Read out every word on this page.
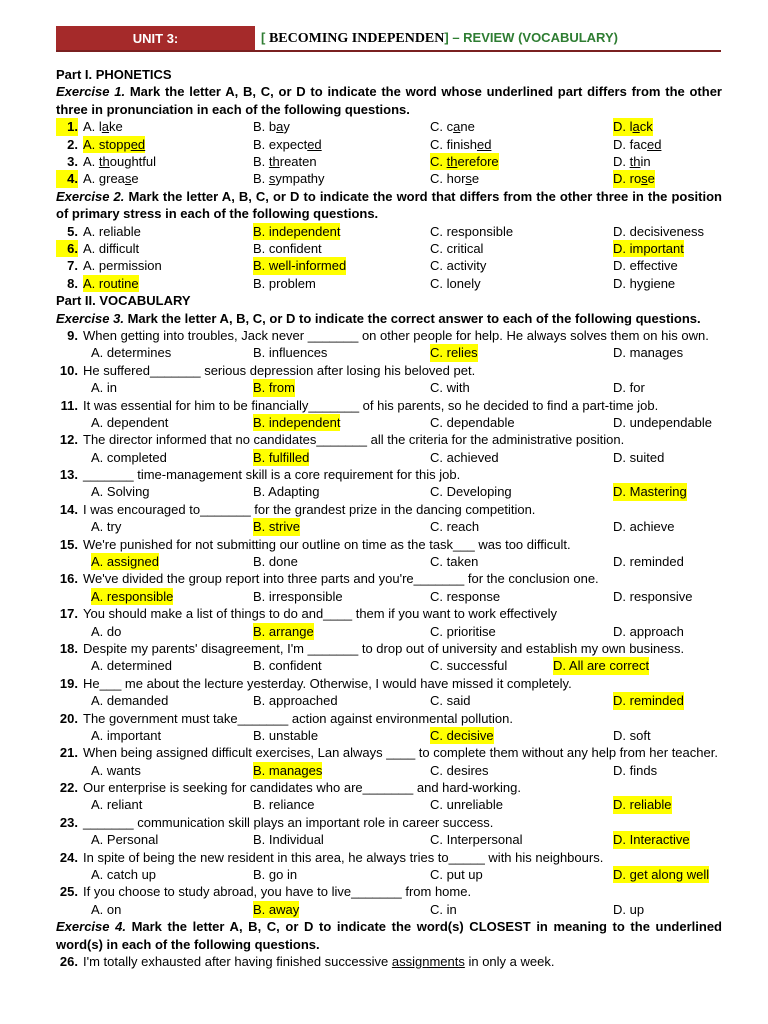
UNIT 3:	[ BECOMING INDEPENDEN] – REVIEW (VOCABULARY)
Part I. PHONETICS
Exercise 1. Mark the letter A, B, C, or D to indicate the word whose underlined part differs from the other three in pronunciation in each of the following questions.
1. A. lake	B. bay	C. cane	D. lack
2. A. stopped	B. expected	C. finished	D. faced
3. A. thoughtful	B. threaten	C. therefore	D. thin
4. A. grease	B. sympathy	C. horse	D. rose
Exercise 2. Mark the letter A, B, C, or D to indicate the word that differs from the other three in the position of primary stress in each of the following questions.
5. A. reliable	B. independent	C. responsible	D. decisiveness
6. A. difficult	B. confident	C. critical	D. important
7. A. permission	B. well-informed	C. activity	D. effective
8. A. routine	B. problem	C. lonely	D. hygiene
Part II. VOCABULARY
Exercise 3. Mark the letter A, B, C, or D to indicate the correct answer to each of the following questions.
9. When getting into troubles, Jack never _______ on other people for help. He always solves them on his own.
A. determines	B. influences	C. relies	D. manages
10. He suffered_______ serious depression after losing his beloved pet.
A. in	B. from	C. with	D. for
11. It was essential for him to be financially_______ of his parents, so he decided to find a part-time job.
A. dependent	B. independent	C. dependable	D. undependable
12. The director informed that no candidates_______ all the criteria for the administrative position.
A. completed	B. fulfilled	C. achieved	D. suited
13. _______ time-management skill is a core requirement for this job.
A. Solving	B. Adapting	C. Developing	D. Mastering
14. I was encouraged to_______ for the grandest prize in the dancing competition.
A. try	B. strive	C. reach	D. achieve
15. We're punished for not submitting our outline on time as the task___ was too difficult.
A. assigned	B. done	C. taken	D. reminded
16. We've divided the group report into three parts and you're_______ for the conclusion one.
A. responsible	B. irresponsible	C. response	D. responsive
17. You should make a list of things to do and____ them if you want to work effectively
A. do	B. arrange	C. prioritise	D. approach
18. Despite my parents' disagreement, I'm _______ to drop out of university and establish my own business.
A. determined	B. confident	C. successful	D. All are correct
19. He___ me about the lecture yesterday. Otherwise, I would have missed it completely.
A. demanded	B. approached	C. said	D. reminded
20. The government must take_______ action against environmental pollution.
A. important	B. unstable	C. decisive	D. soft
21. When being assigned difficult exercises, Lan always ____ to complete them without any help from her teacher.
A. wants	B. manages	C. desires	D. finds
22. Our enterprise is seeking for candidates who are_______ and hard-working.
A. reliant	B. reliance	C. unreliable	D. reliable
23. _______ communication skill plays an important role in career success.
A. Personal	B. Individual	C. Interpersonal	D. Interactive
24. In spite of being the new resident in this area, he always tries to_____ with his neighbours.
A. catch up	B. go in	C. put up	D. get along well
25. If you choose to study abroad, you have to live_______ from home.
A. on	B. away	C. in	D. up
Exercise 4. Mark the letter A, B, C, or D to indicate the word(s) CLOSEST in meaning to the underlined word(s) in each of the following questions.
26. I'm totally exhausted after having finished successive assignments in only a week.
